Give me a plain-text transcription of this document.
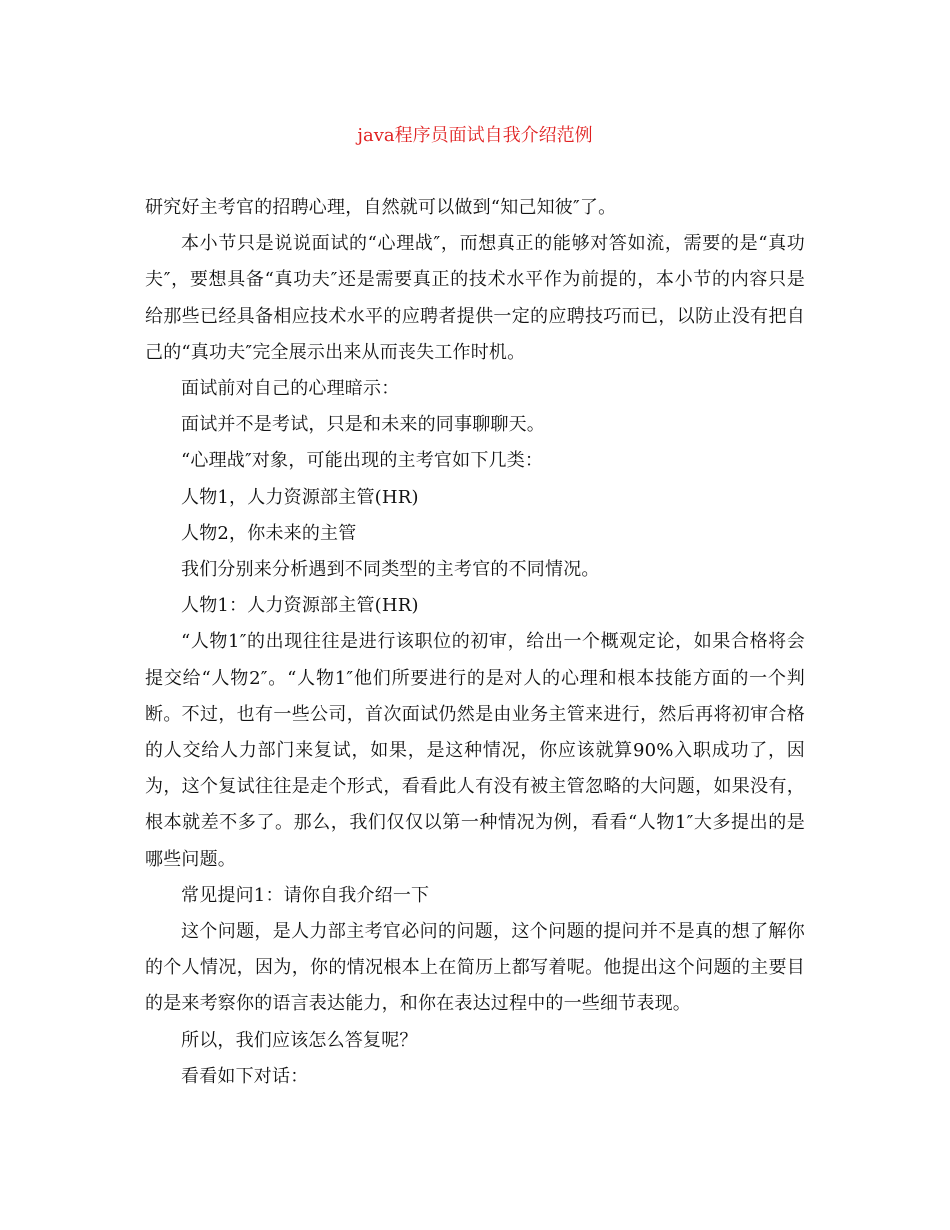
java程序员面试自我介绍范例

研究好主考官的招聘心理，自然就可以做到“知己知彼″了。

本小节只是说说面试的“心理战″，而想真正的能够对答如流，需要的是“真功夫″，要想具备“真功夫″还是需要真正的技术水平作为前提的，本小节的内容只是给那些已经具备相应技术水平的应聘者提供一定的应聘技巧而已，以防止没有把自己的“真功夫″完全展示出来从而丧失工作时机。

面试前对自己的心理暗示：

面试并不是考试，只是和未来的同事聊聊天。

“心理战″对象，可能出现的主考官如下几类：

人物1，人力资源部主管(HR)

人物2，你未来的主管

我们分别来分析遇到不同类型的主考官的不同情况。

人物1：人力资源部主管(HR)

“人物1″的出现往往是进行该职位的初审，给出一个概观定论，如果合格将会提交给“人物2″。“人物1″他们所要进行的是对人的心理和根本技能方面的一个判断。不过，也有一些公司，首次面试仍然是由业务主管来进行，然后再将初审合格的人交给人力部门来复试，如果，是这种情况，你应该就算90%入职成功了，因为，这个复试往往是走个形式，看看此人有没有被主管忽略的大问题，如果没有，根本就差不多了。那么，我们仅仅以第一种情况为例，看看“人物1″大多提出的是哪些问题。

常见提问1：请你自我介绍一下

这个问题，是人力部主考官必问的问题，这个问题的提问并不是真的想了解你的个人情况，因为，你的情况根本上在简历上都写着呢。他提出这个问题的主要目的是来考察你的语言表达能力，和你在表达过程中的一些细节表现。

所以，我们应该怎么答复呢？

看看如下对话：
